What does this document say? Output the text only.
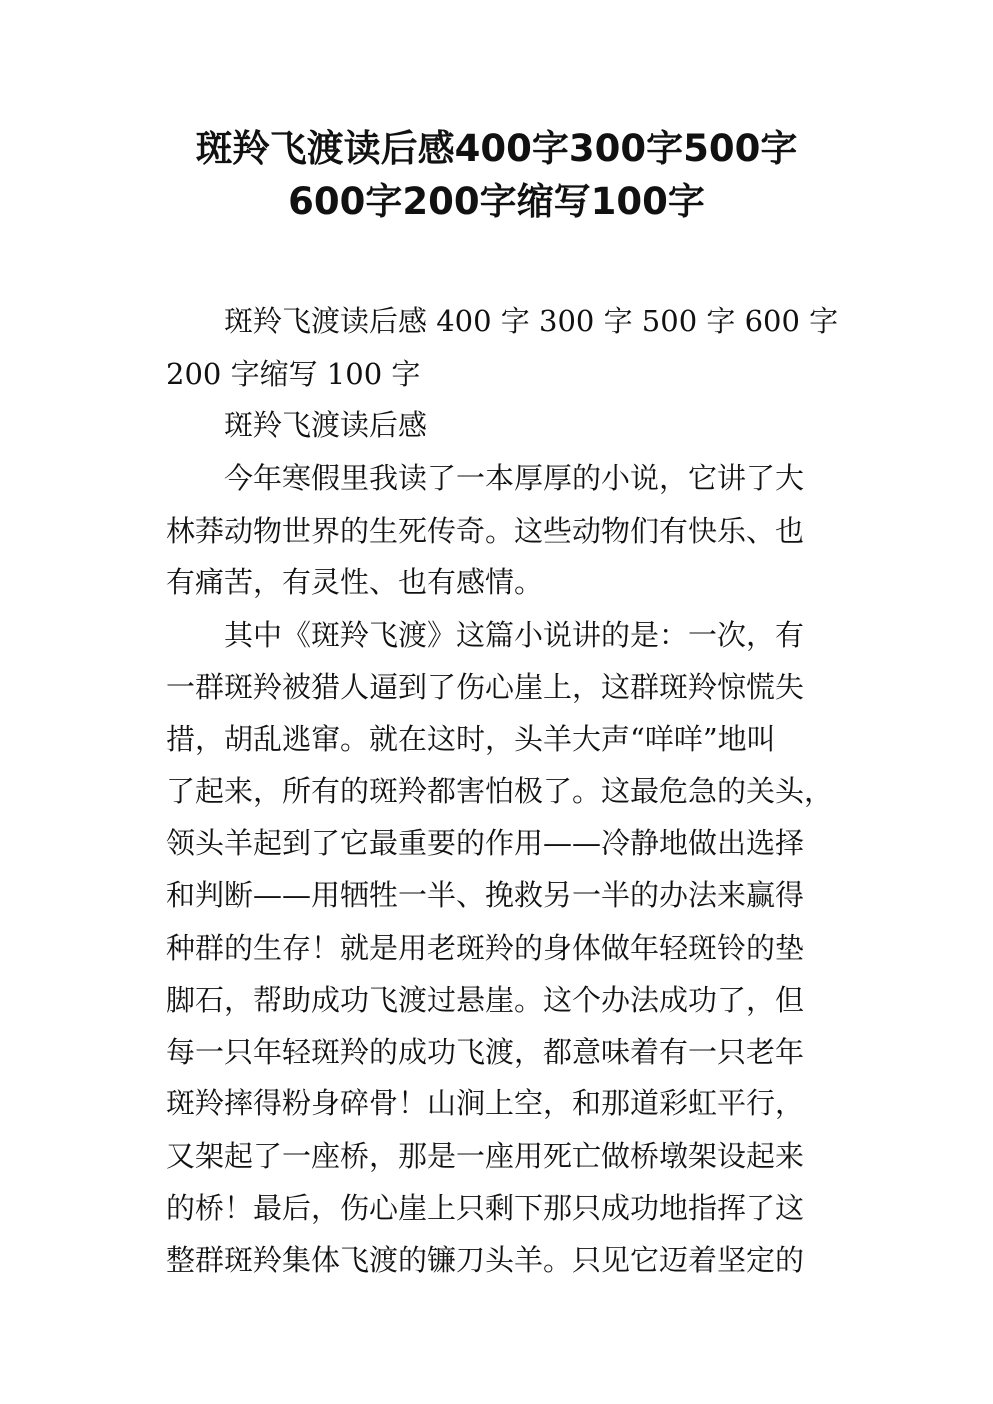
斑羚飞渡读后感400字300字500字
600字200字缩写100字
斑羚飞渡读后感 400 字 300 字 500 字 600 字
200 字缩写 100 字
斑羚飞渡读后感
今年寒假里我读了一本厚厚的小说，它讲了大
林莽动物世界的生死传奇。这些动物们有快乐、也
有痛苦，有灵性、也有感情。
其中《斑羚飞渡》这篇小说讲的是：一次，有
一群斑羚被猎人逼到了伤心崖上，这群斑羚惊慌失
措，胡乱逃窜。就在这时，头羊大声“咩咩”地叫
了起来，所有的斑羚都害怕极了。这最危急的关头，
领头羊起到了它最重要的作用——冷静地做出选择
和判断——用牺牲一半、挽救另一半的办法来赢得
种群的生存！就是用老斑羚的身体做年轻斑铃的垫
脚石，帮助成功飞渡过悬崖。这个办法成功了，但
每一只年轻斑羚的成功飞渡，都意味着有一只老年
斑羚摔得粉身碎骨！山涧上空，和那道彩虹平行，
又架起了一座桥，那是一座用死亡做桥墩架设起来
的桥！最后，伤心崖上只剩下那只成功地指挥了这
整群斑羚集体飞渡的镰刀头羊。只见它迈着坚定的
